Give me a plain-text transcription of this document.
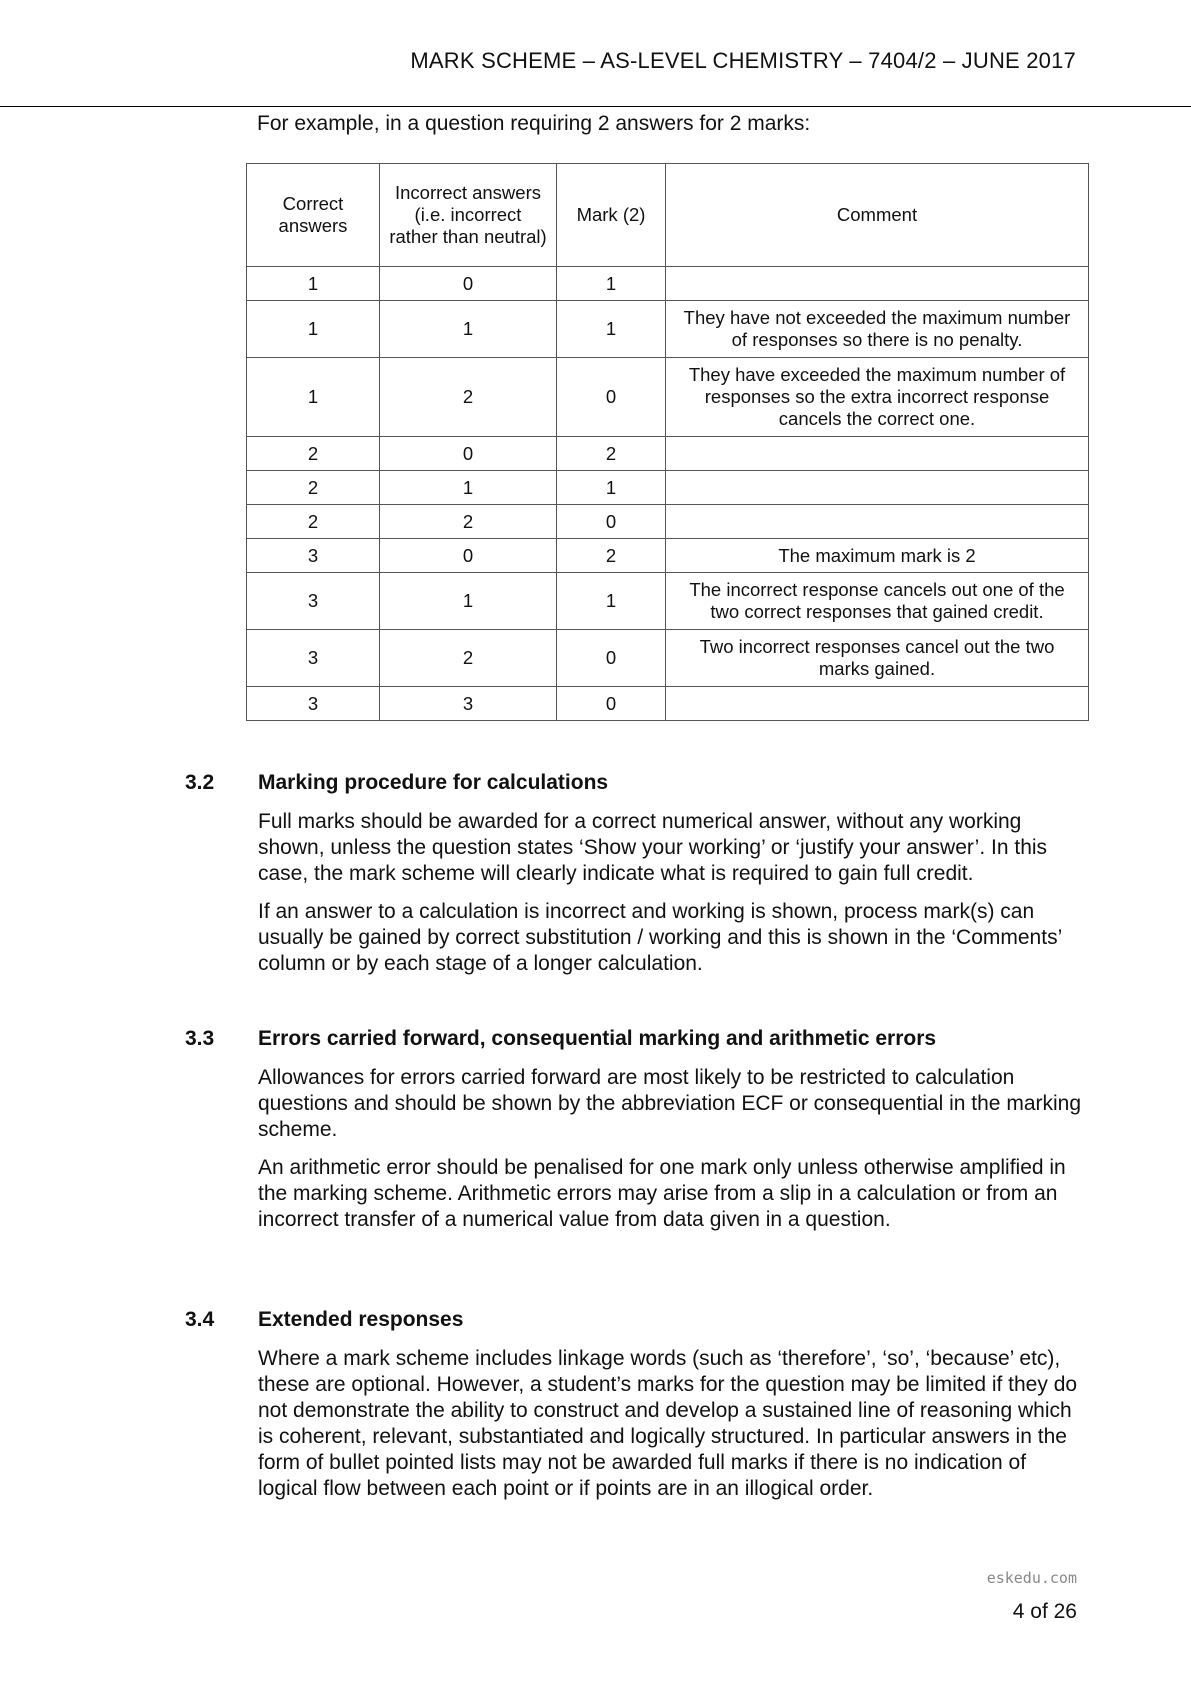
MARK SCHEME – AS-LEVEL CHEMISTRY – 7404/2 – JUNE 2017
For example, in a question requiring 2 answers for 2 marks:
Correct answers	Incorrect answers (i.e. incorrect rather than neutral)	Mark (2)	Comment
1	0	1	
1	1	1	They have not exceeded the maximum number of responses so there is no penalty.
1	2	0	They have exceeded the maximum number of responses so the extra incorrect response cancels the correct one.
2	0	2	
2	1	1	
2	2	0	
3	0	2	The maximum mark is 2
3	1	1	The incorrect response cancels out one of the two correct responses that gained credit.
3	2	0	Two incorrect responses cancel out the two marks gained.
3	3	0	
3.2 Marking procedure for calculations

Full marks should be awarded for a correct numerical answer, without any working shown, unless the question states ‘Show your working’ or ‘justify your answer’. In this case, the mark scheme will clearly indicate what is required to gain full credit.

If an answer to a calculation is incorrect and working is shown, process mark(s) can usually be gained by correct substitution / working and this is shown in the ‘Comments’ column or by each stage of a longer calculation.

3.3 Errors carried forward, consequential marking and arithmetic errors

Allowances for errors carried forward are most likely to be restricted to calculation questions and should be shown by the abbreviation ECF or consequential in the marking scheme.

An arithmetic error should be penalised for one mark only unless otherwise amplified in the marking scheme. Arithmetic errors may arise from a slip in a calculation or from an incorrect transfer of a numerical value from data given in a question.

3.4 Extended responses

Where a mark scheme includes linkage words (such as ‘therefore’, ‘so’, ‘because’ etc), these are optional. However, a student’s marks for the question may be limited if they do not demonstrate the ability to construct and develop a sustained line of reasoning which is coherent, relevant, substantiated and logically structured. In particular answers in the form of bullet pointed lists may not be awarded full marks if there is no indication of logical flow between each point or if points are in an illogical order.

eskedu.com
4 of 26
